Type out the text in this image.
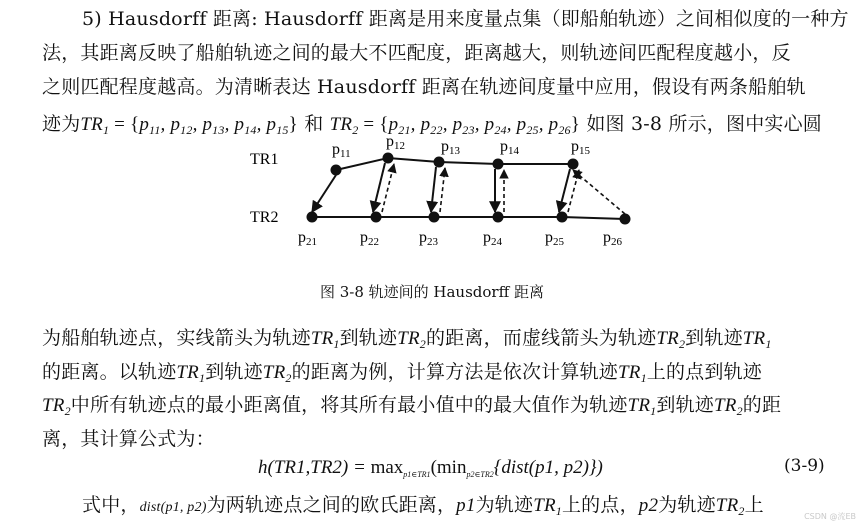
5) Hausdorff 距离: Hausdorff 距离是用来度量点集（即船舶轨迹）之间相似度的一种方
法，其距离反映了船舶轨迹之间的最大不匹配度，距离越大，则轨迹间匹配程度越小，反
之则匹配程度越高。为清晰表达 Hausdorff 距离在轨迹间度量中应用，假设有两条船舶轨
迹为$TR_1 = \{p_{11}$, $p_{12}$, $p_{13}$, $p_{14}$, $p_{15}$} 和 $TR_2 = \{p_{21}$, $p_{22}$, $p_{23}$, $p_{24}$, $p_{25}$, $p_{26}$} 如图 3-8 所示，图中实心圆
TR1
TR2
p11
p12 p13	p14	p15
p21	p22	p23	p24	p25 p26
图 3-8 轨迹间的 Hausdorff 距离
为船舶轨迹点，实线箭头为轨迹$TR_1$到轨迹$TR_2$的距离，而虚线箭头为轨迹$TR_2$到轨迹$TR_1$
的距离。以轨迹$TR_1$到轨迹$TR_2$的距离为例，计算方法是依次计算轨迹$TR_1$上的点到轨迹
$TR_2$中所有轨迹点的最小距离值，将其所有最小值中的最大值作为轨迹$TR_1$到轨迹$TR_2$的距
离，其计算公式为：
$h(TR1,TR2) = \max_{p1\in TR1}(\min_{p2\in TR2}\{dist(p1$, p2)})	(3-9)
式中，dist(p1, p2)为两轨迹点之间的欧氏距离，p1为轨迹$TR_1$上的点，p2为轨迹$TR_2$上
CSDN @流EB
